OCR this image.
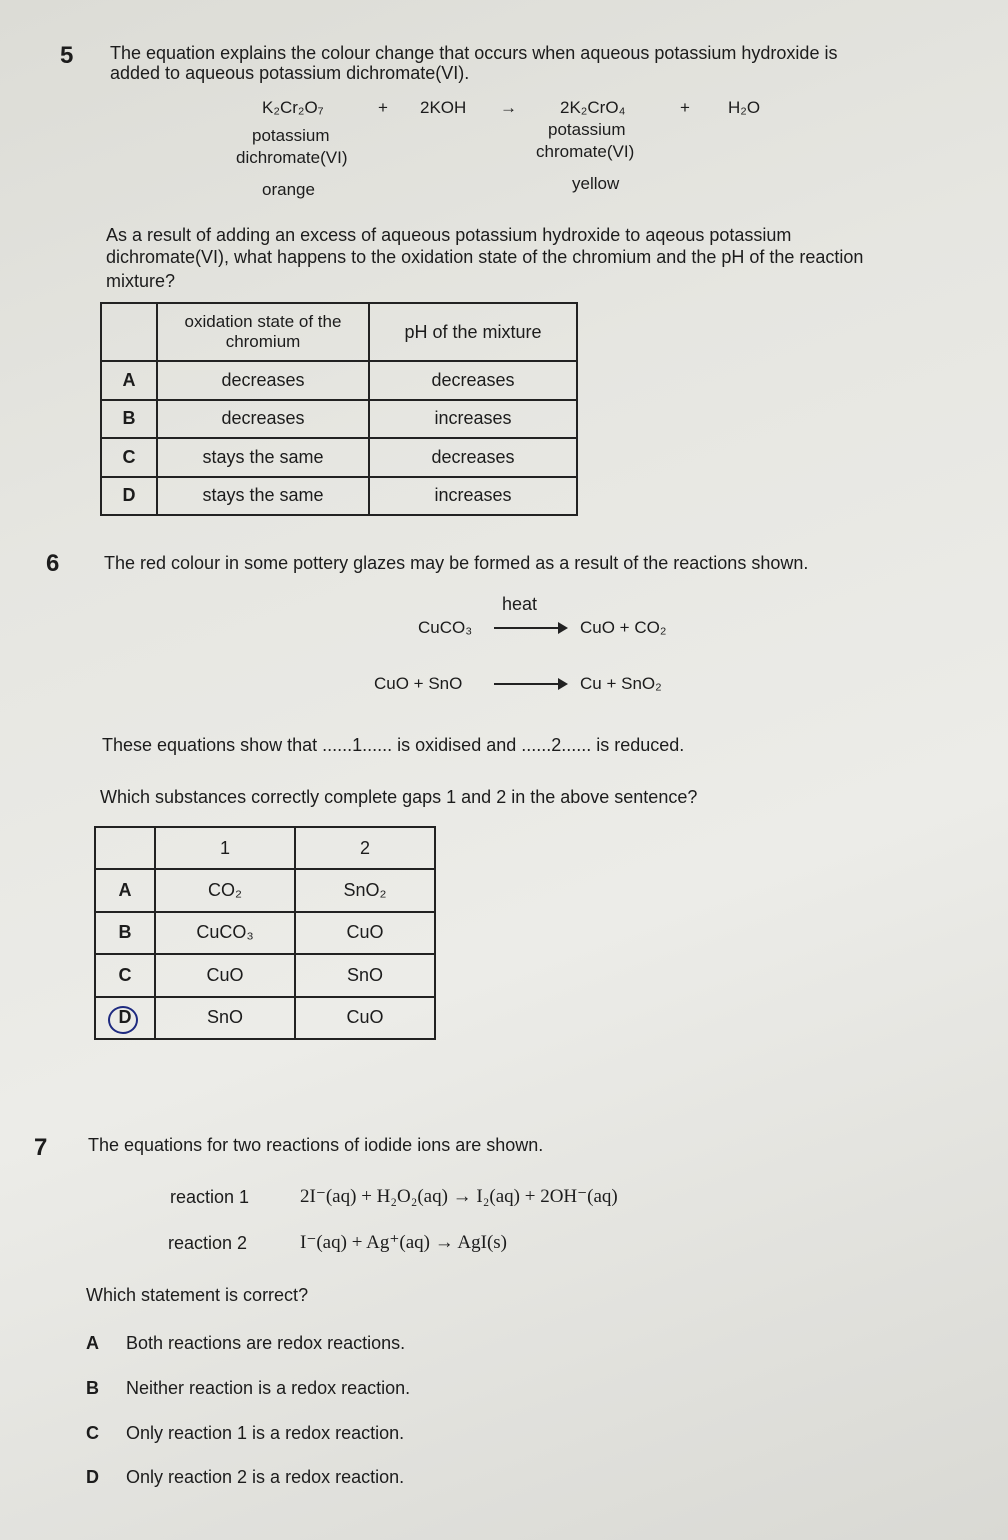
5 The equation explains the colour change that occurs when aqueous potassium hydroxide is
added to aqueous potassium dichromate(VI).
K₂Cr₂O₇	+ 2KOH →	2K₂CrO₄	+ H₂O
potassium
dichromate(VI)
potassium
chromate(VI)
orange	yellow
As a result of adding an excess of aqueous potassium hydroxide to aqeous potassium
dichromate(VI), what happens to the oxidation state of the chromium and the pH of the reaction
mixture?
	oxidation state of the chromium	pH of the mixture
A	decreases	decreases
B	decreases	increases
C	stays the same	decreases
D	stays the same	increases
6 The red colour in some pottery glazes may be formed as a result of the reactions shown.
CuCO₃
heat
CuO + CO₂
CuO + SnO	Cu + SnO₂
These equations show that ......1...... is oxidised and ......2...... is reduced.
Which substances correctly complete gaps 1 and 2 in the above sentence?
	1	2
A	CO₂	SnO₂
B	CuCO₃	CuO
C	CuO	SnO
D	SnO	CuO
7 The equations for two reactions of iodide ions are shown.
reaction 1	2I⁻(aq) + H₂O₂(aq) → I₂(aq) + 2OH⁻(aq)
reaction 2	I⁻(aq) + Ag⁺(aq) → AgI(s)
Which statement is correct?
A Both reactions are redox reactions.
B Neither reaction is a redox reaction.
C Only reaction 1 is a redox reaction.
D Only reaction 2 is a redox reaction.
